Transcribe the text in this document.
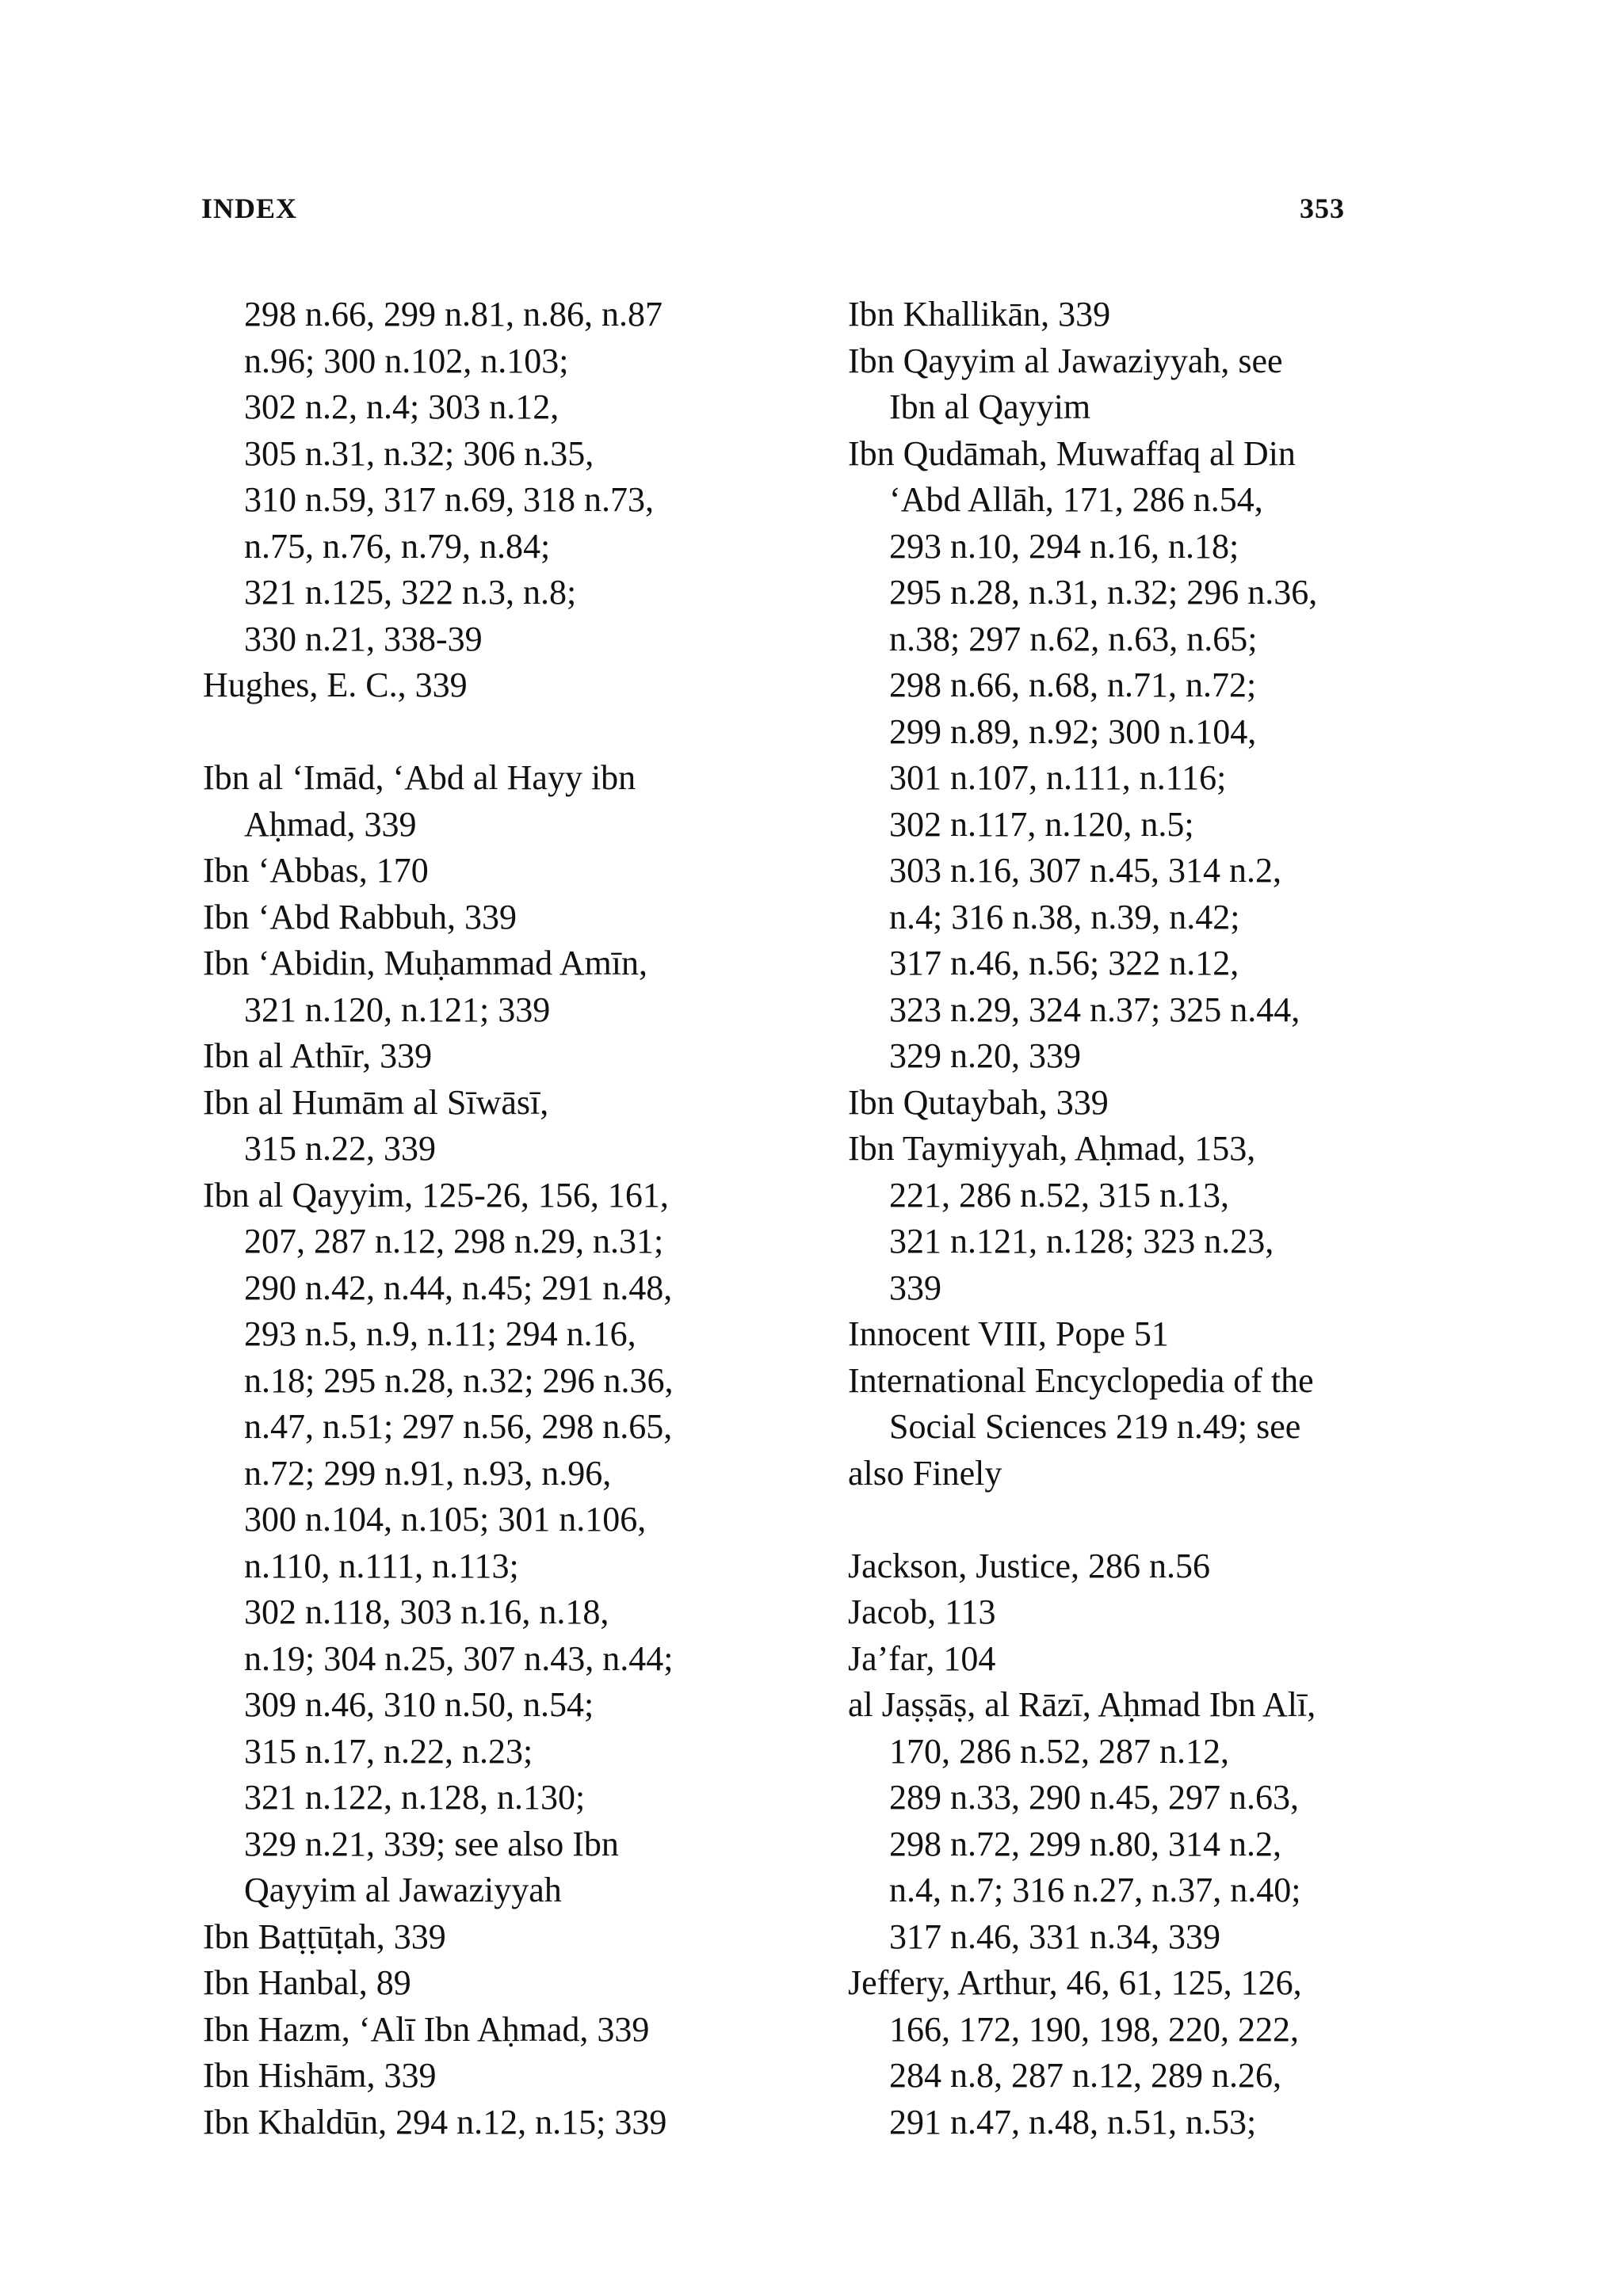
INDEX	353
298 n.66, 299 n.81, n.86, n.87
n.96; 300 n.102, n.103;
302 n.2, n.4; 303 n.12,
305 n.31, n.32; 306 n.35,
310 n.59, 317 n.69, 318 n.73,
n.75, n.76, n.79, n.84;
321 n.125, 322 n.3, n.8;
330 n.21, 338-39
Hughes, E. C., 339
Ibn al ‘Imād, ‘Abd al Hayy ibn
Aḥmad, 339
Ibn ‘Abbas, 170
Ibn ‘Abd Rabbuh, 339
Ibn ‘Abidin, Muḥammad Amīn,
321 n.120, n.121; 339
Ibn al Athīr, 339
Ibn al Humām al Sīwāsī,
315 n.22, 339
Ibn al Qayyim, 125-26, 156, 161,
207, 287 n.12, 298 n.29, n.31;
290 n.42, n.44, n.45; 291 n.48,
293 n.5, n.9, n.11; 294 n.16,
n.18; 295 n.28, n.32; 296 n.36,
n.47, n.51; 297 n.56, 298 n.65,
n.72; 299 n.91, n.93, n.96,
300 n.104, n.105; 301 n.106,
n.110, n.111, n.113;
302 n.118, 303 n.16, n.18,
n.19; 304 n.25, 307 n.43, n.44;
309 n.46, 310 n.50, n.54;
315 n.17, n.22, n.23;
321 n.122, n.128, n.130;
329 n.21, 339; see also Ibn
Qayyim al Jawaziyyah
Ibn Baṭṭūṭah, 339
Ibn Hanbal, 89
Ibn Hazm, ‘Alī Ibn Aḥmad, 339
Ibn Hishām, 339
Ibn Khaldūn, 294 n.12, n.15; 339
Ibn Khallikān, 339
Ibn Qayyim al Jawaziyyah, see
Ibn al Qayyim
Ibn Qudāmah, Muwaffaq al Din
‘Abd Allāh, 171, 286 n.54,
293 n.10, 294 n.16, n.18;
295 n.28, n.31, n.32; 296 n.36,
n.38; 297 n.62, n.63, n.65;
298 n.66, n.68, n.71, n.72;
299 n.89, n.92; 300 n.104,
301 n.107, n.111, n.116;
302 n.117, n.120, n.5;
303 n.16, 307 n.45, 314 n.2,
n.4; 316 n.38, n.39, n.42;
317 n.46, n.56; 322 n.12,
323 n.29, 324 n.37; 325 n.44,
329 n.20, 339
Ibn Qutaybah, 339
Ibn Taymiyyah, Aḥmad, 153,
221, 286 n.52, 315 n.13,
321 n.121, n.128; 323 n.23,
339
Innocent VIII, Pope 51
International Encyclopedia of the
Social Sciences 219 n.49; see
also Finely
Jackson, Justice, 286 n.56
Jacob, 113
Ja’far, 104
al Jaṣṣāṣ, al Rāzī, Aḥmad Ibn Alī,
170, 286 n.52, 287 n.12,
289 n.33, 290 n.45, 297 n.63,
298 n.72, 299 n.80, 314 n.2,
n.4, n.7; 316 n.27, n.37, n.40;
317 n.46, 331 n.34, 339
Jeffery, Arthur, 46, 61, 125, 126,
166, 172, 190, 198, 220, 222,
284 n.8, 287 n.12, 289 n.26,
291 n.47, n.48, n.51, n.53;
